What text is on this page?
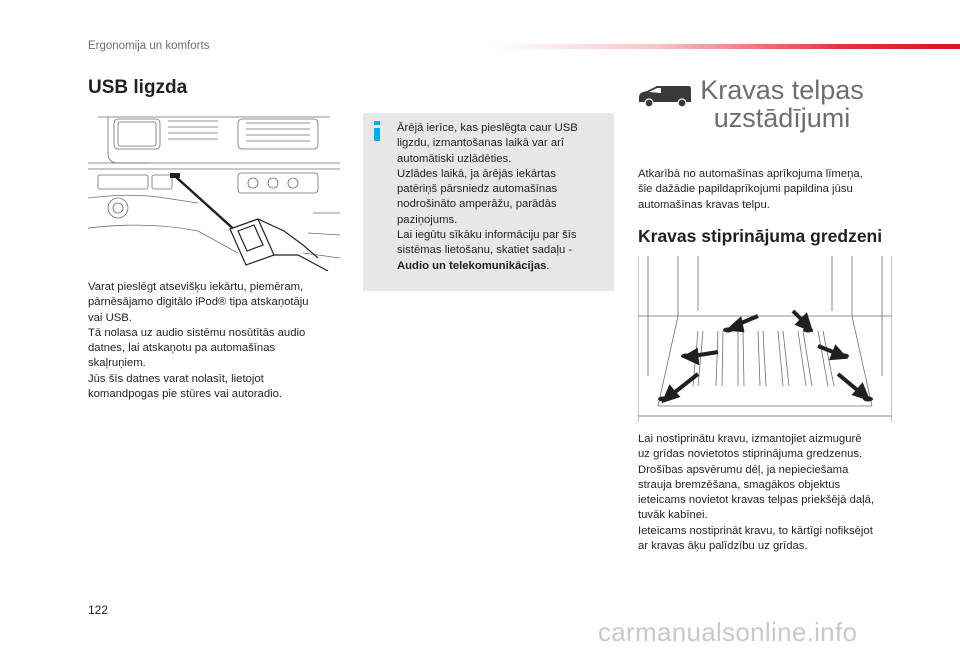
Ergonomija un komforts
USB ligzda

Varat pieslēgt atsevišķu iekārtu, piemēram,

pārnēsājamo digitālo iPod® tipa atskaņotāju

vai USB.

Tā nolasa uz audio sistēmu nosūtītās audio

datnes, lai atskaņotu pa automašīnas

skaļruņiem.

Jūs šīs datnes varat nolasīt, lietojot

komandpogas pie stūres vai autoradio.

Ārējā ierīce, kas pieslēgta caur USB

ligzdu, izmantošanas laikā var arī

automātiski uzlādēties.

Uzlādes laikā, ja ārējās iekārtas

patēriņš pārsniedz automašīnas

nodrošināto amperāžu, parādās

paziņojums.

Lai iegūtu sīkāku informāciju par šīs

sistēmas lietošanu, skatiet sadaļu -

Audio un telekomunikācijas.

Kravas telpas
uzstādījumi

Atkarībā no automašīnas aprīkojuma līmeņa,

šie dažādie papildaprīkojumi papildina jūsu

automašīnas kravas telpu.

Kravas stiprinājuma gredzeni

Lai nostiprinātu kravu, izmantojiet aizmugurē

uz grīdas novietotos stiprinājuma gredzenus.

Drošības apsvērumu dēļ, ja nepieciešama

strauja bremzēšana, smagākos objektus

ieteicams novietot kravas telpas priekšējā daļā,

tuvāk kabīnei.

Ieteicams nostiprināt kravu, to kārtīgi nofiksējot

ar kravas āķu palīdzību uz grīdas.

122
carmanualsonline.info
